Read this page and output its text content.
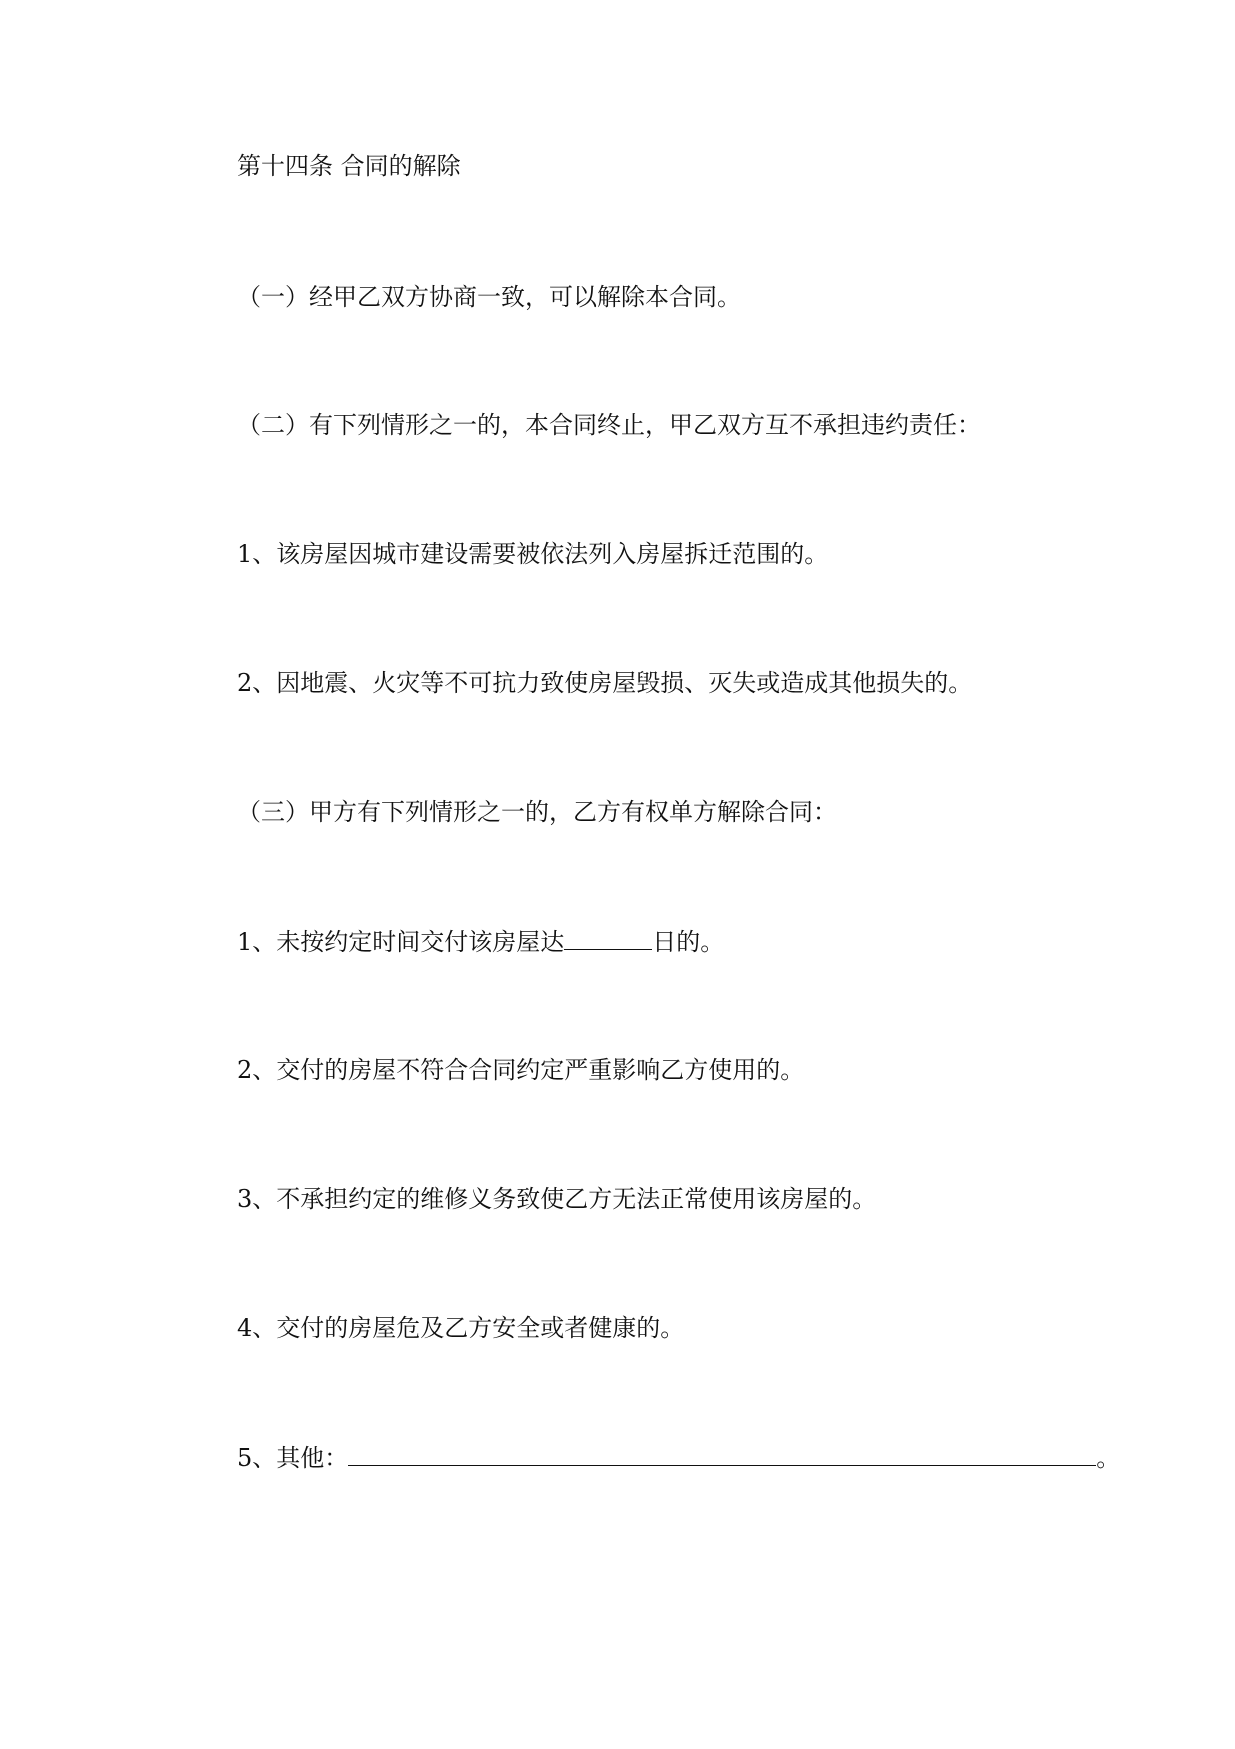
第十四条 合同的解除
（一）经甲乙双方协商一致，可以解除本合同。
（二）有下列情形之一的，本合同终止，甲乙双方互不承担违约责任：
1、该房屋因城市建设需要被依法列入房屋拆迁范围的。
2、因地震、火灾等不可抗力致使房屋毁损、灭失或造成其他损失的。
（三）甲方有下列情形之一的，乙方有权单方解除合同：
1、未按约定时间交付该房屋达	日的。
2、交付的房屋不符合合同约定严重影响乙方使用的。
3、不承担约定的维修义务致使乙方无法正常使用该房屋的。
4、交付的房屋危及乙方安全或者健康的。
5、其他：	。
